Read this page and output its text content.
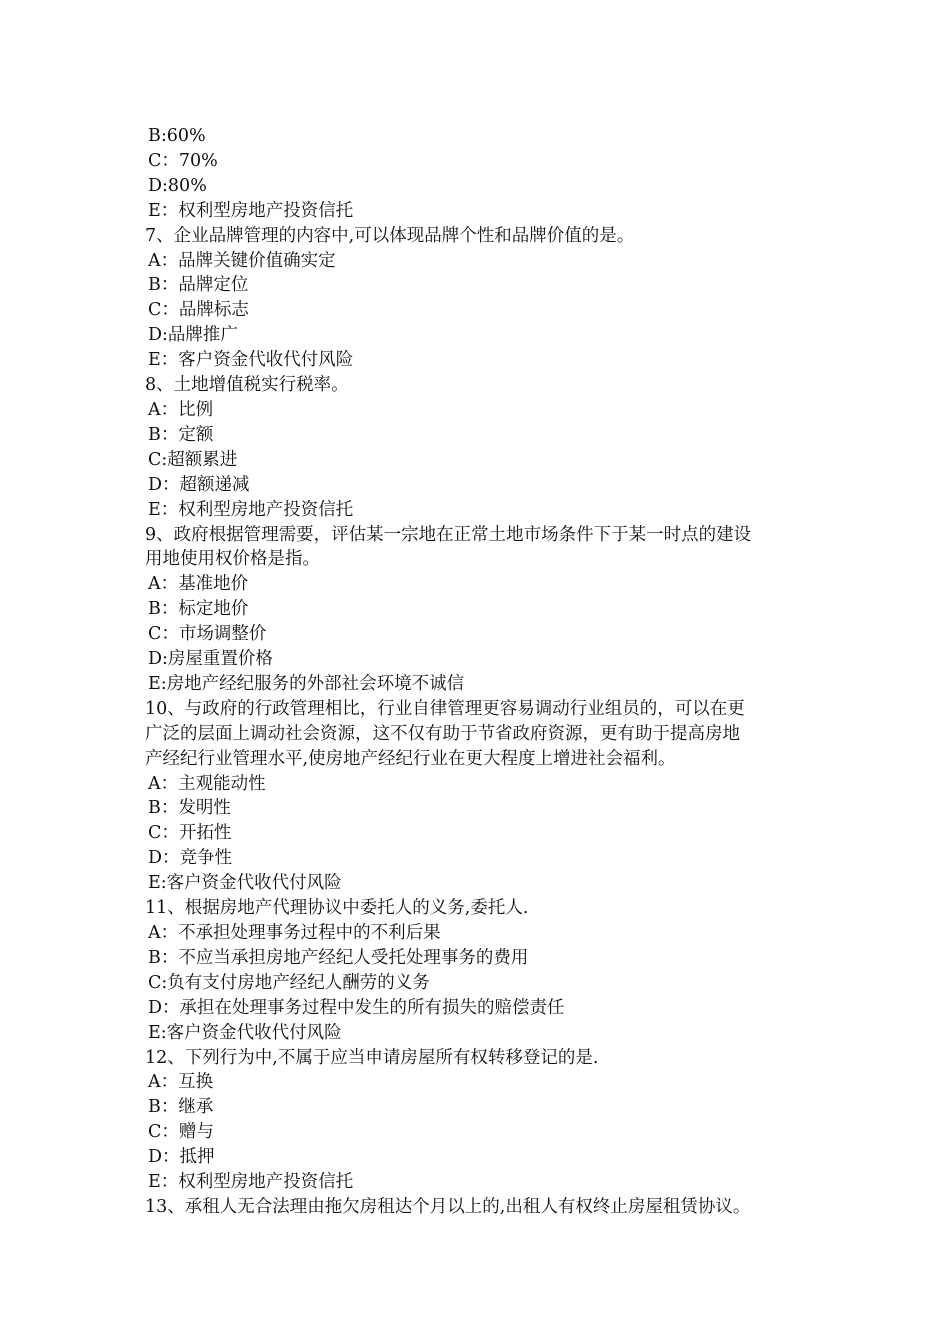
B:60%
C：70%
D:80%
E：权利型房地产投资信托
7、企业品牌管理的内容中,可以体现品牌个性和品牌价值的是。
A：品牌关键价值确实定
B：品牌定位
C：品牌标志
D:品牌推广
E：客户资金代收代付风险
8、土地增值税实行税率。
A：比例
B：定额
C:超额累进
D：超额递减
E：权利型房地产投资信托
9、政府根据管理需要，评估某一宗地在正常土地市场条件下于某一时点的建设
用地使用权价格是指。
A：基准地价
B：标定地价
C：市场调整价
D:房屋重置价格
E:房地产经纪服务的外部社会环境不诚信
10、与政府的行政管理相比，行业自律管理更容易调动行业组员的，可以在更
广泛的层面上调动社会资源，这不仅有助于节省政府资源，更有助于提高房地
产经纪行业管理水平,使房地产经纪行业在更大程度上增进社会福利。
A：主观能动性
B：发明性
C：开拓性
D：竞争性
E:客户资金代收代付风险
11、根据房地产代理协议中委托人的义务,委托人.
A：不承担处理事务过程中的不利后果
B：不应当承担房地产经纪人受托处理事务的费用
C:负有支付房地产经纪人酬劳的义务
D：承担在处理事务过程中发生的所有损失的赔偿责任
E:客户资金代收代付风险
12、下列行为中,不属于应当申请房屋所有权转移登记的是.
A：互换
B：继承
C：赠与
D：抵押
E：权利型房地产投资信托
13、承租人无合法理由拖欠房租达个月以上的,出租人有权终止房屋租赁协议。
